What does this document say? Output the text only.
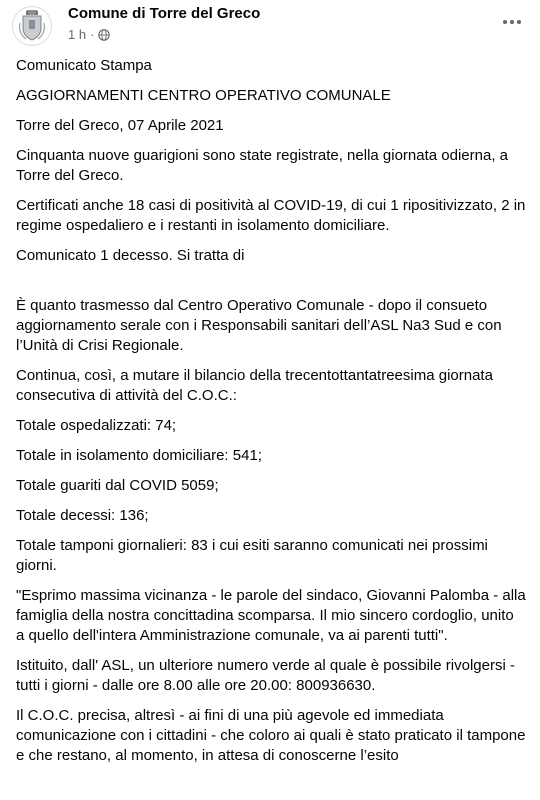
Comune di Torre del Greco
1 h ·

Comunicato Stampa

AGGIORNAMENTI CENTRO OPERATIVO COMUNALE

Torre del Greco, 07 Aprile 2021

Cinquanta nuove guarigioni sono state registrate, nella giornata odierna, a Torre del Greco.

Certificati anche 18 casi di positività al COVID-19, di cui 1 ripositivizzato, 2 in regime ospedaliero e i restanti in isolamento domiciliare.

Comunicato 1 decesso. Si tratta di

È quanto trasmesso dal Centro Operativo Comunale - dopo il consueto aggiornamento serale con i Responsabili sanitari dell’ASL Na3 Sud e con l’Unità di Crisi Regionale.

Continua, così, a mutare il bilancio della trecentottantatreesima giornata consecutiva di attività del C.O.C.:

Totale ospedalizzati: 74;

Totale in isolamento domiciliare: 541;

Totale guariti dal COVID 5059;

Totale decessi: 136;

Totale tamponi giornalieri: 83 i cui esiti saranno comunicati nei prossimi giorni.

"Esprimo massima vicinanza - le parole del sindaco, Giovanni Palomba - alla famiglia della nostra concittadina scomparsa. Il mio sincero cordoglio, unito a quello dell'intera Amministrazione comunale, va ai parenti tutti".

Istituito, dall' ASL, un ulteriore numero verde al quale è possibile rivolgersi - tutti i giorni - dalle ore 8.00 alle ore 20.00: 800936630.

Il C.O.C. precisa, altresì - ai fini di una più agevole ed immediata comunicazione con i cittadini - che coloro ai quali è stato praticato il tampone e che restano, al momento, in attesa di conoscerne l’esito
